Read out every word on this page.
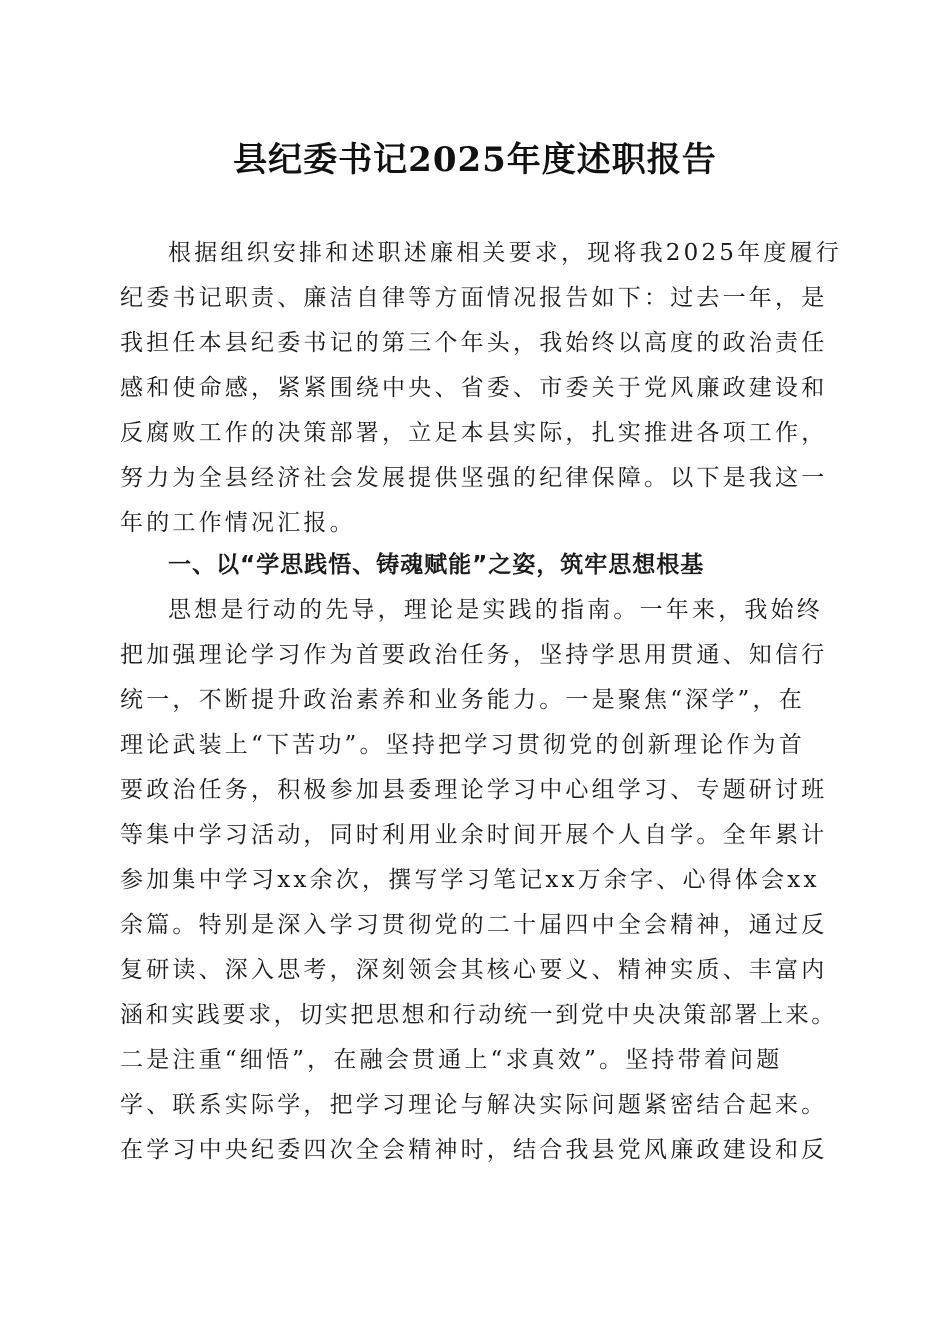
县纪委书记2025年度述职报告
根据组织安排和述职述廉相关要求，现将我2025年度履行
纪委书记职责、廉洁自律等方面情况报告如下：过去一年，是
我担任本县纪委书记的第三个年头，我始终以高度的政治责任
感和使命感，紧紧围绕中央、省委、市委关于党风廉政建设和
反腐败工作的决策部署，立足本县实际，扎实推进各项工作，
努力为全县经济社会发展提供坚强的纪律保障。以下是我这一
年的工作情况汇报。
一、以“学思践悟、铸魂赋能”之姿，筑牢思想根基
思想是行动的先导，理论是实践的指南。一年来，我始终
把加强理论学习作为首要政治任务，坚持学思用贯通、知信行
统一，不断提升政治素养和业务能力。一是聚焦“深学”，在
理论武装上“下苦功”。坚持把学习贯彻党的创新理论作为首
要政治任务，积极参加县委理论学习中心组学习、专题研讨班
等集中学习活动，同时利用业余时间开展个人自学。全年累计
参加集中学习xx余次，撰写学习笔记xx万余字、心得体会xx
余篇。特别是深入学习贯彻党的二十届四中全会精神，通过反
复研读、深入思考，深刻领会其核心要义、精神实质、丰富内
涵和实践要求，切实把思想和行动统一到党中央决策部署上来。
二是注重“细悟”，在融会贯通上“求真效”。坚持带着问题
学、联系实际学，把学习理论与解决实际问题紧密结合起来。
在学习中央纪委四次全会精神时，结合我县党风廉政建设和反
